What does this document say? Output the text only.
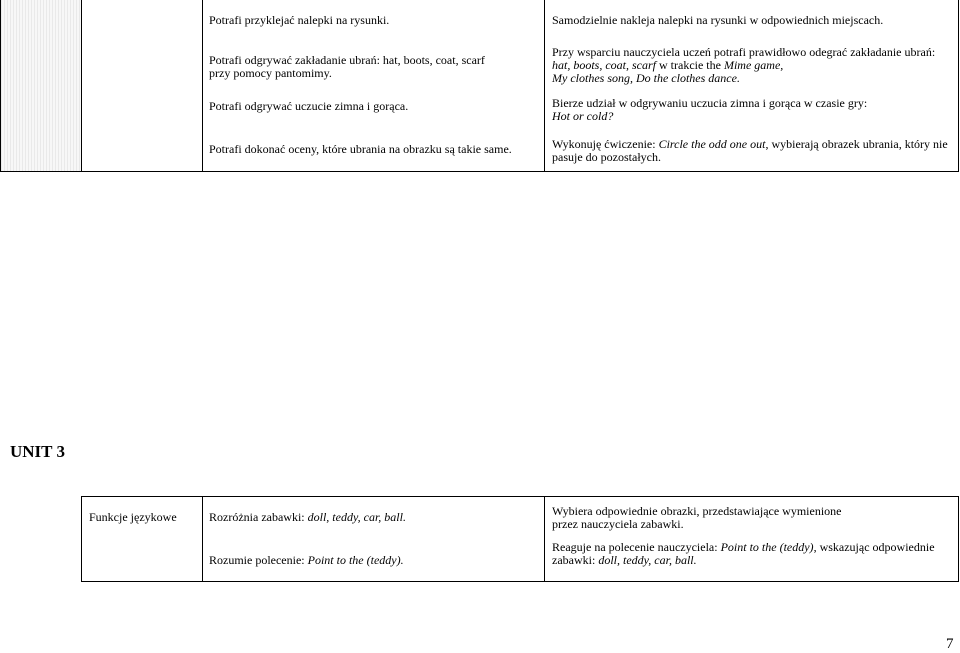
Potrafi przyklejać nalepki na rysunki.
Potrafi odgrywać zakładanie ubrań: hat, boots, coat, scarf
przy pomocy pantomimy.
Potrafi odgrywać uczucie zimna i gorąca.
Potrafi dokonać oceny, które ubrania na obrazku są takie same.
Samodzielnie nakleja nalepki na rysunki w odpowiednich miejscach.
Przy wsparciu nauczyciela uczeń potrafi prawidłowo odegrać zakładanie ubrań:
hat, boots, coat, scarf w trakcie the Mime game,
My clothes song, Do the clothes dance.
Bierze udział w odgrywaniu uczucia zimna i gorąca w czasie gry:
Hot or cold?
Wykonuję ćwiczenie: Circle the odd one out, wybierają obrazek ubrania, który nie
pasuje do pozostałych.
UNIT 3
Funkcje językowe	Rozróżnia zabawki: doll, teddy, car, ball.
Rozumie polecenie: Point to the (teddy).
Wybiera odpowiednie obrazki, przedstawiające wymienione
przez nauczyciela zabawki.
Reaguje na polecenie nauczyciela: Point to the (teddy), wskazując odpowiednie
zabawki: doll, teddy, car, ball.
7
